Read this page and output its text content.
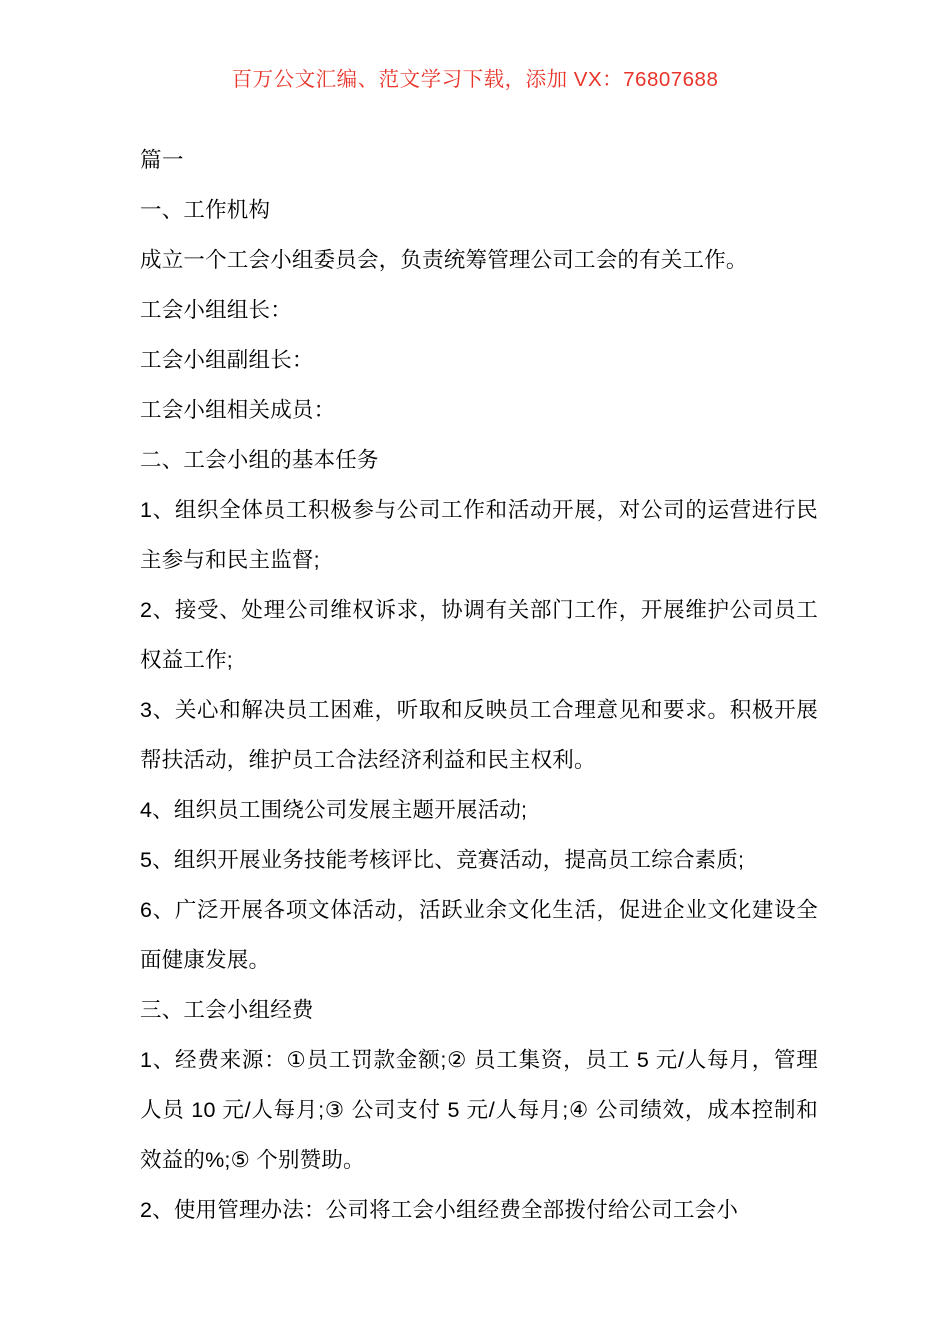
百万公文汇编、范文学习下载，添加 VX：76807688

篇一

一、工作机构

成立一个工会小组委员会，负责统筹管理公司工会的有关工作。

工会小组组长：

工会小组副组长：

工会小组相关成员：

二、工会小组的基本任务

1、组织全体员工积极参与公司工作和活动开展，对公司的运营进行民主参与和民主监督;

2、接受、处理公司维权诉求，协调有关部门工作，开展维护公司员工权益工作;

3、关心和解决员工困难，听取和反映员工合理意见和要求。积极开展帮扶活动，维护员工合法经济利益和民主权利。

4、组织员工围绕公司发展主题开展活动;

5、组织开展业务技能考核评比、竞赛活动，提高员工综合素质;

6、广泛开展各项文体活动，活跃业余文化生活，促进企业文化建设全面健康发展。

三、工会小组经费

1、经费来源：①员工罚款金额;② 员工集资，员工 5 元/人每月，管理人员 10 元/人每月;③ 公司支付 5 元/人每月;④ 公司绩效，成本控制和效益的%;⑤ 个别赞助。

2、使用管理办法：公司将工会小组经费全部拨付给公司工会小
